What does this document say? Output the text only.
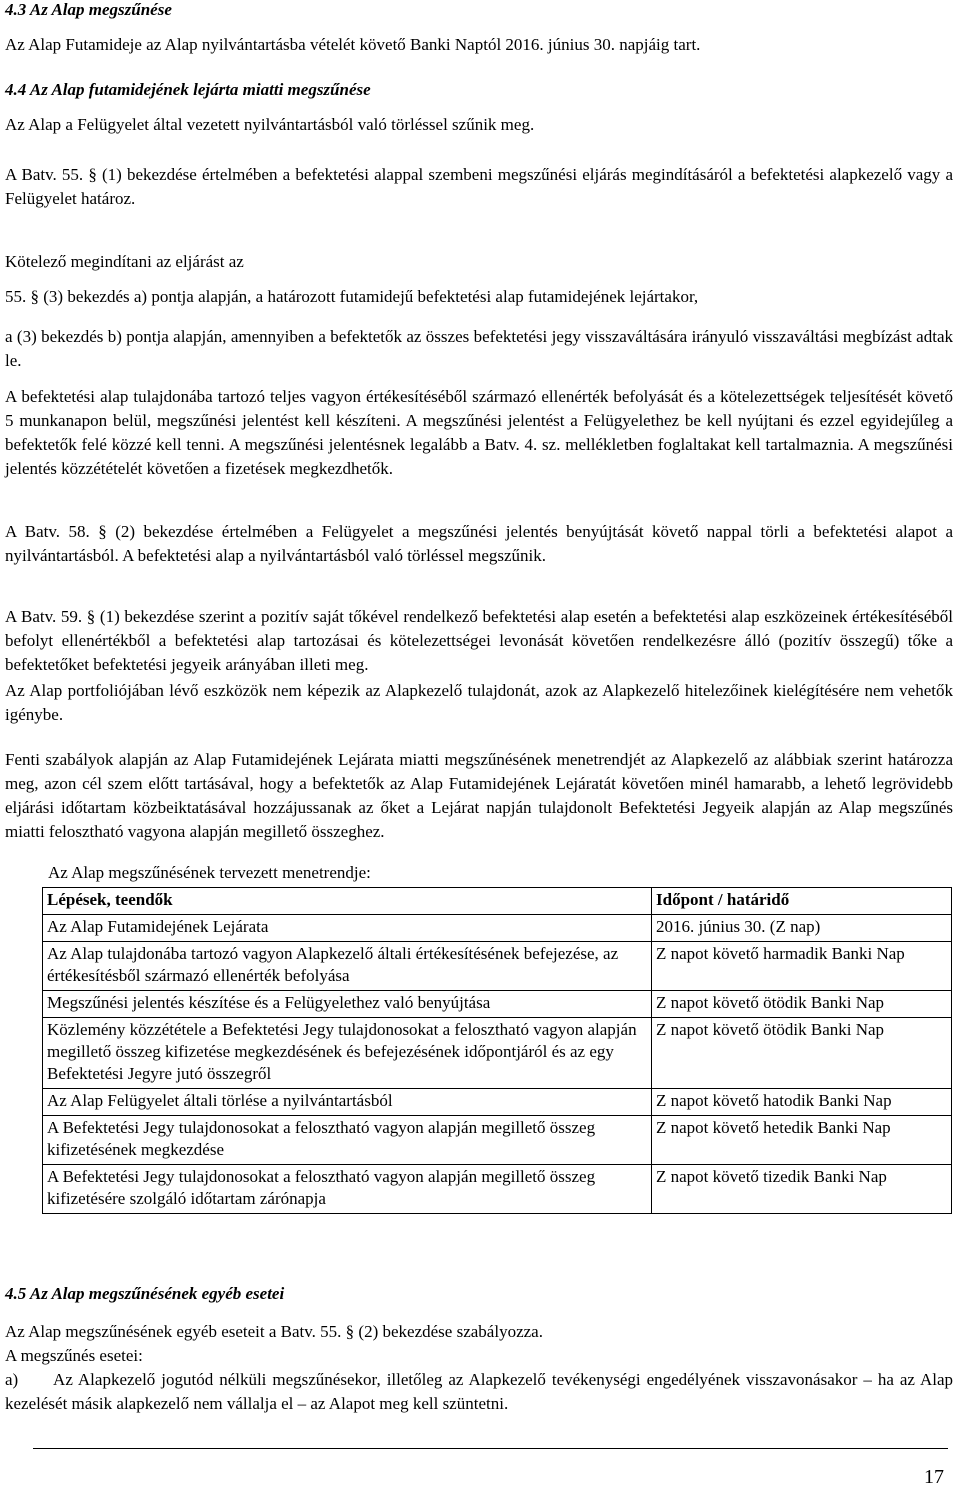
4.3 Az Alap megszűnése
Az Alap Futamideje az Alap nyilvántartásba vételét követő Banki Naptól 2016. június 30. napjáig tart.
4.4 Az Alap futamidejének lejárta miatti megszűnése
Az Alap a Felügyelet által vezetett nyilvántartásból való törléssel szűnik meg.
A Batv. 55. § (1) bekezdése értelmében a befektetési alappal szembeni megszűnési eljárás megindításáról a befektetési alapkezelő vagy a Felügyelet határoz.
Kötelező megindítani az eljárást az
55. § (3) bekezdés a) pontja alapján, a határozott futamidejű befektetési alap futamidejének lejártakor,
a (3) bekezdés b) pontja alapján, amennyiben a befektetők az összes befektetési jegy visszaváltására irányuló visszaváltási megbízást adtak le.
A befektetési alap tulajdonába tartozó teljes vagyon értékesítéséből származó ellenérték befolyását és a kötelezettségek teljesítését követő 5 munkanapon belül, megszűnési jelentést kell készíteni. A megszűnési jelentést a Felügyelethez be kell nyújtani és ezzel egyidejűleg a befektetők felé közzé kell tenni. A megszűnési jelentésnek legalább a Batv. 4. sz. mellékletben foglaltakat kell tartalmaznia. A megszűnési jelentés közzétételét követően a fizetések megkezdhetők.
A Batv. 58. § (2) bekezdése értelmében a Felügyelet a megszűnési jelentés benyújtását követő nappal törli a befektetési alapot a nyilvántartásból. A befektetési alap a nyilvántartásból való törléssel megszűnik.
A Batv. 59. § (1) bekezdése szerint a pozitív saját tőkével rendelkező befektetési alap esetén a befektetési alap eszközeinek értékesítéséből befolyt ellenértékből a befektetési alap tartozásai és kötelezettségei levonását követően rendelkezésre álló (pozitív összegű) tőke a befektetőket befektetési jegyeik arányában illeti meg.
Az Alap portfoliójában lévő eszközök nem képezik az Alapkezelő tulajdonát, azok az Alapkezelő hitelezőinek kielégítésére nem vehetők igénybe.
Fenti szabályok alapján az Alap Futamidejének Lejárata miatti megszűnésének menetrendjét az Alapkezelő az alábbiak szerint határozza meg, azon cél szem előtt tartásával, hogy a befektetők az Alap Futamidejének Lejáratát követően minél hamarabb, a lehető legrövidebb eljárási időtartam közbeiktatásával hozzájussanak az őket a Lejárat napján tulajdonolt Befektetési Jegyeik alapján az Alap megszűnés miatti felosztható vagyona alapján megillető összeghez.
Az Alap megszűnésének tervezett menetrendje:
Lépések, teendők	Időpont / határidő
Az Alap Futamidejének Lejárata	2016. június 30. (Z nap)
Az Alap tulajdonába tartozó vagyon Alapkezelő általi értékesítésének befejezése, az értékesítésből származó ellenérték befolyása	Z napot követő harmadik Banki Nap
Megszűnési jelentés készítése és a Felügyelethez való benyújtása	Z napot követő ötödik Banki Nap
Közlemény közzététele a Befektetési Jegy tulajdonosokat a felosztható vagyon alapján megillető összeg kifizetése megkezdésének és befejezésének időpontjáról és az egy Befektetési Jegyre jutó összegről	Z napot követő ötödik Banki Nap
Az Alap Felügyelet általi törlése a nyilvántartásból	Z napot követő hatodik Banki Nap
A Befektetési Jegy tulajdonosokat a felosztható vagyon alapján megillető összeg kifizetésének megkezdése	Z napot követő hetedik Banki Nap
A Befektetési Jegy tulajdonosokat a felosztható vagyon alapján megillető összeg kifizetésére szolgáló időtartam zárónapja	Z napot követő tizedik Banki Nap
4.5 Az Alap megszűnésének egyéb esetei
Az Alap megszűnésének egyéb eseteit a Batv. 55. § (2) bekezdése szabályozza.
A megszűnés esetei:
a)      Az Alapkezelő jogutód nélküli megszűnésekor, illetőleg az Alapkezelő tevékenységi engedélyének visszavonásakor – ha az Alap kezelését másik alapkezelő nem vállalja el – az Alapot meg kell szüntetni.
17
